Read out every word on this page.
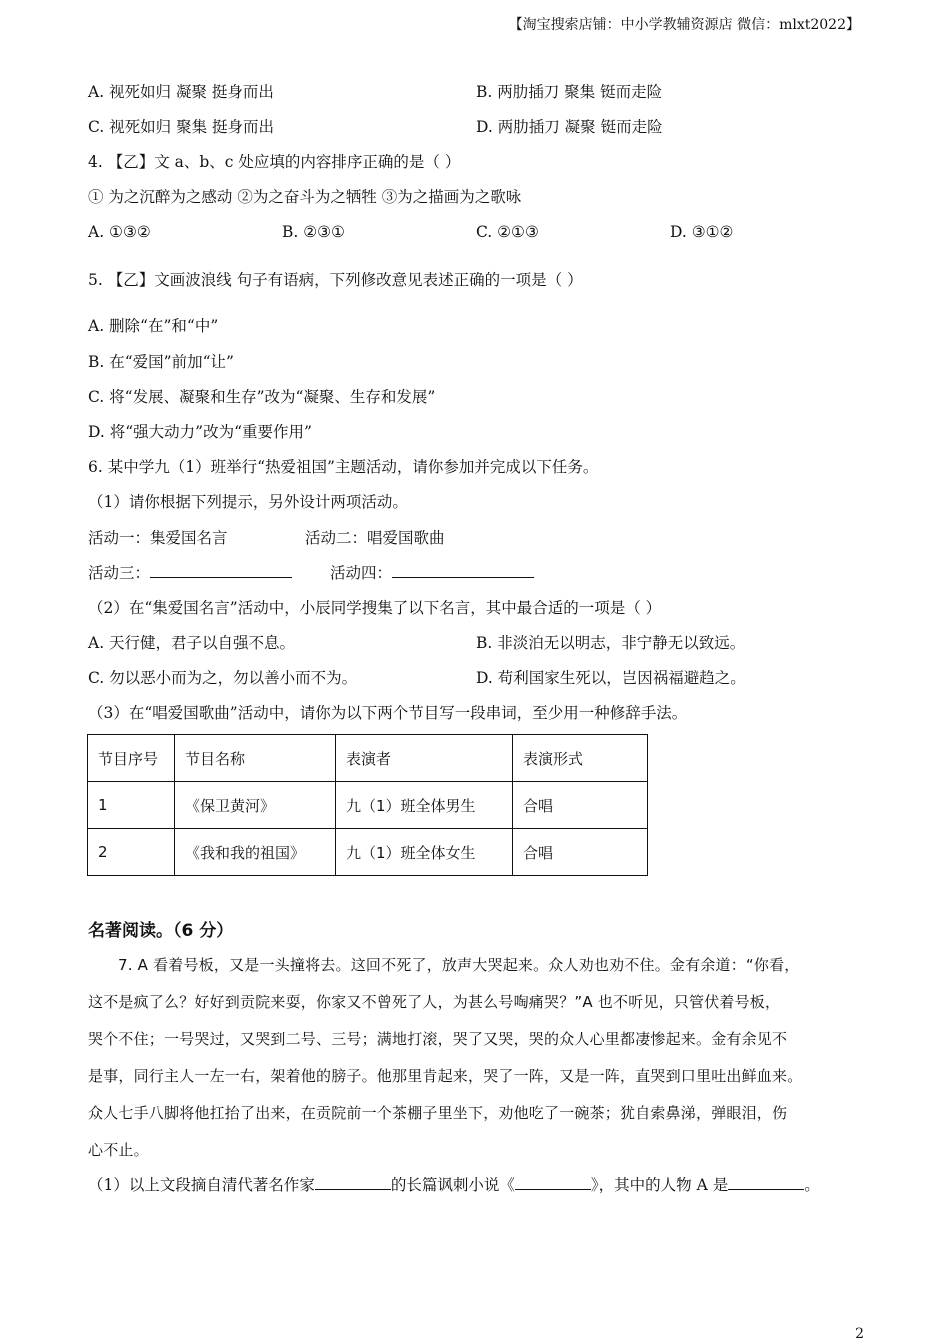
【淘宝搜索店铺：中小学教辅资源店 微信：mlxt2022】
A. 视死如归 凝聚 挺身而出	B. 两肋插刀 聚集 铤而走险
C. 视死如归 聚集 挺身而出	D. 两肋插刀 凝聚 铤而走险
4. 【乙】文 a、b、c 处应填的内容排序正确的是（ ）
① 为之沉醉为之感动 ②为之奋斗为之牺牲 ③为之描画为之歌咏
A. ①③②	B. ②③①	C. ②①③	D. ③①②
5. 【乙】文画波浪线 句子有语病，下列修改意见表述正确的一项是（ ）
A. 删除“在”和“中”
B. 在“爱国”前加“让”
C. 将“发展、凝聚和生存”改为“凝聚、生存和发展”
D. 将“强大动力”改为“重要作用”
6. 某中学九（1）班举行“热爱祖国”主题活动，请你参加并完成以下任务。
（1）请你根据下列提示，另外设计两项活动。
活动一：集爱国名言	活动二：唱爱国歌曲
活动三：	活动四：
（2）在“集爱国名言”活动中，小辰同学搜集了以下名言，其中最合适的一项是（ ）
A. 天行健，君子以自强不息。	B. 非淡泊无以明志，非宁静无以致远。
C. 勿以恶小而为之，勿以善小而不为。	D. 苟利国家生死以，岂因祸福避趋之。
（3）在“唱爱国歌曲”活动中，请你为以下两个节目写一段串词，至少用一种修辞手法。
节目序号	节目名称	表演者	表演形式
1	《保卫黄河》	九（1）班全体男生	合唱
2	《我和我的祖国》	九（1）班全体女生	合唱
名著阅读。（6 分）
7. A 看着号板，又是一头撞将去。这回不死了，放声大哭起来。众人劝也劝不住。金有余道：“你看，
这不是疯了么？好好到贡院来耍，你家又不曾死了人，为甚么号啕痛哭？”A 也不听见，只管伏着号板，
哭个不住；一号哭过，又哭到二号、三号；满地打滚，哭了又哭，哭的众人心里都凄惨起来。金有余见不
是事，同行主人一左一右，架着他的膀子。他那里肯起来，哭了一阵，又是一阵，直哭到口里吐出鲜血来。
众人七手八脚将他扛抬了出来，在贡院前一个茶棚子里坐下，劝他吃了一碗茶；犹自索鼻涕，弹眼泪，伤
心不止。
（1）以上文段摘自清代著名作家	的长篇讽刺小说《	》，其中的人物 A 是	。
2
